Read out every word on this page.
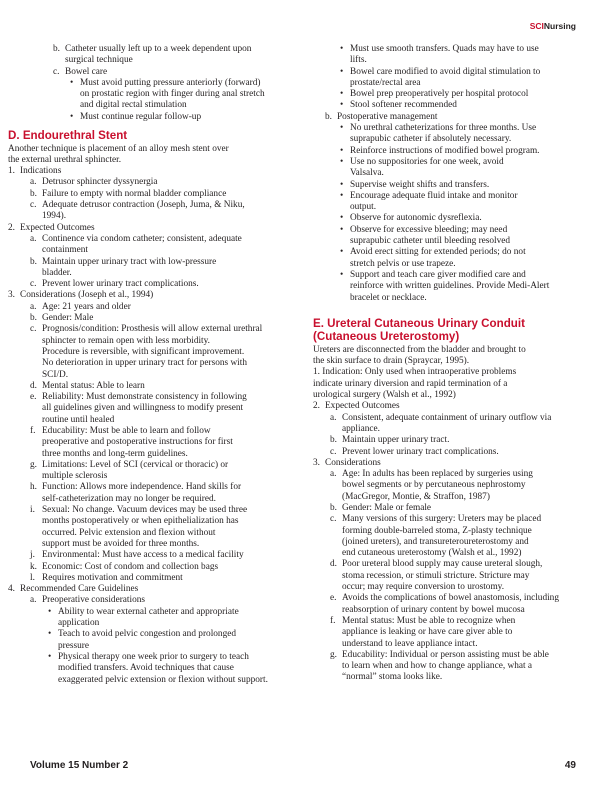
SCINursing
b. Catheter usually left up to a week dependent upon
surgical technique
c. Bowel care
• Must avoid putting pressure anteriorly (forward)
on prostatic region with finger during anal stretch
and digital rectal stimulation
• Must continue regular follow-up
D. Endourethral Stent
Another technique is placement of an alloy mesh stent over
the external urethral sphincter.
1. Indications
a. Detrusor sphincter dyssynergia
b. Failure to empty with normal bladder compliance
c. Adequate detrusor contraction (Joseph, Juma, & Niku,
1994).
2. Expected Outcomes
a. Continence via condom catheter; consistent, adequate
containment
b. Maintain upper urinary tract with low-pressure
bladder.
c. Prevent lower urinary tract complications.
3. Considerations (Joseph et al., 1994)
a. Age: 21 years and older
b. Gender: Male
c. Prognosis/condition: Prosthesis will allow external urethral
sphincter to remain open with less morbidity.
Procedure is reversible, with significant improvement.
No deterioration in upper urinary tract for persons with
SCI/D.
d. Mental status: Able to learn
e. Reliability: Must demonstrate consistency in following
all guidelines given and willingness to modify present
routine until healed
f. Educability: Must be able to learn and follow
preoperative and postoperative instructions for first
three months and long-term guidelines.
g. Limitations: Level of SCI (cervical or thoracic) or
multiple sclerosis
h. Function: Allows more independence. Hand skills for
self-catheterization may no longer be required.
i. Sexual: No change. Vacuum devices may be used three
months postoperatively or when epithelialization has
occurred. Pelvic extension and flexion without
support must be avoided for three months.
j. Environmental: Must have access to a medical facility
k. Economic: Cost of condom and collection bags
l. Requires motivation and commitment
4. Recommended Care Guidelines
a. Preoperative considerations
• Ability to wear external catheter and appropriate
application
• Teach to avoid pelvic congestion and prolonged
pressure
• Physical therapy one week prior to surgery to teach
modified transfers. Avoid techniques that cause
exaggerated pelvic extension or flexion without support.
• Must use smooth transfers. Quads may have to use
lifts.
• Bowel care modified to avoid digital stimulation to
prostate/rectal area
• Bowel prep preoperatively per hospital protocol
• Stool softener recommended
b. Postoperative management
• No urethral catheterizations for three months. Use
suprapubic catheter if absolutely necessary.
• Reinforce instructions of modified bowel program.
• Use no suppositories for one week, avoid
Valsalva.
• Supervise weight shifts and transfers.
• Encourage adequate fluid intake and monitor
output.
• Observe for autonomic dysreflexia.
• Observe for excessive bleeding; may need
suprapubic catheter until bleeding resolved
• Avoid erect sitting for extended periods; do not
stretch pelvis or use trapeze.
• Support and teach care giver modified care and
reinforce with written guidelines. Provide Medi-Alert
bracelet or necklace.
E. Ureteral Cutaneous Urinary Conduit
(Cutaneous Ureterostomy)
Ureters are disconnected from the bladder and brought to
the skin surface to drain (Spraycar, 1995).
1. Indication: Only used when intraoperative problems
indicate urinary diversion and rapid termination of a
urological surgery (Walsh et al., 1992)
2. Expected Outcomes
a. Consistent, adequate containment of urinary outflow via
appliance.
b. Maintain upper urinary tract.
c. Prevent lower urinary tract complications.
3. Considerations
a. Age: In adults has been replaced by surgeries using
bowel segments or by percutaneous nephrostomy
(MacGregor, Montie, & Straffon, 1987)
b. Gender: Male or female
c. Many versions of this surgery: Ureters may be placed
forming double-barreled stoma, Z-plasty technique
(joined ureters), and transureteroureterostomy and
end cutaneous ureterostomy (Walsh et al., 1992)
d. Poor ureteral blood supply may cause ureteral slough,
stoma recession, or stimuli stricture. Stricture may
occur; may require conversion to urostomy.
e. Avoids the complications of bowel anastomosis, including
reabsorption of urinary content by bowel mucosa
f. Mental status: Must be able to recognize when
appliance is leaking or have care giver able to
understand to leave appliance intact.
g. Educability: Individual or person assisting must be able
to learn when and how to change appliance, what a
“normal” stoma looks like.
Volume 15 Number 2	49
